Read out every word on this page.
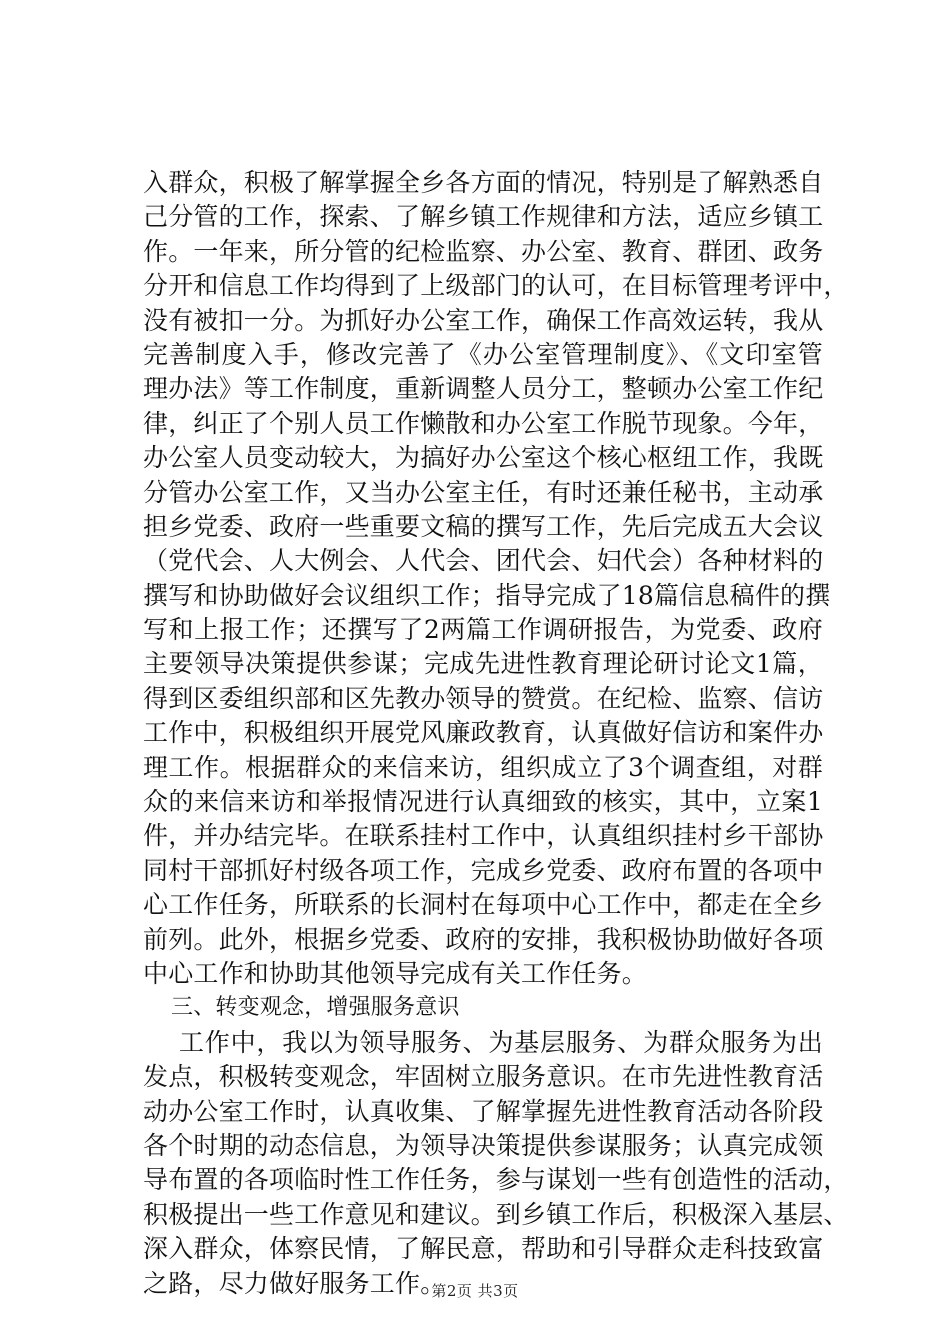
入群众，积极了解掌握全乡各方面的情况，特别是了解熟悉自
己分管的工作，探索、了解乡镇工作规律和方法，适应乡镇工
作。一年来，所分管的纪检监察、办公室、教育、群团、政务
分开和信息工作均得到了上级部门的认可，在目标管理考评中，
没有被扣一分。为抓好办公室工作，确保工作高效运转，我从
完善制度入手，修改完善了《办公室管理制度》、《文印室管
理办法》等工作制度，重新调整人员分工，整顿办公室工作纪
律，纠正了个别人员工作懒散和办公室工作脱节现象。今年，
办公室人员变动较大，为搞好办公室这个核心枢纽工作，我既
分管办公室工作，又当办公室主任，有时还兼任秘书，主动承
担乡党委、政府一些重要文稿的撰写工作，先后完成五大会议
（党代会、人大例会、人代会、团代会、妇代会）各种材料的
撰写和协助做好会议组织工作；指导完成了18篇信息稿件的撰
写和上报工作；还撰写了2两篇工作调研报告，为党委、政府
主要领导决策提供参谋；完成先进性教育理论研讨论文1篇，
得到区委组织部和区先教办领导的赞赏。在纪检、监察、信访
工作中，积极组织开展党风廉政教育，认真做好信访和案件办
理工作。根据群众的来信来访，组织成立了3个调查组，对群
众的来信来访和举报情况进行认真细致的核实，其中，立案1
件，并办结完毕。在联系挂村工作中，认真组织挂村乡干部协
同村干部抓好村级各项工作，完成乡党委、政府布置的各项中
心工作任务，所联系的长洞村在每项中心工作中，都走在全乡
前列。此外，根据乡党委、政府的安排，我积极协助做好各项
中心工作和协助其他领导完成有关工作任务。
三、转变观念，增强服务意识
工作中，我以为领导服务、为基层服务、为群众服务为出
发点，积极转变观念，牢固树立服务意识。在市先进性教育活
动办公室工作时，认真收集、了解掌握先进性教育活动各阶段
各个时期的动态信息，为领导决策提供参谋服务；认真完成领
导布置的各项临时性工作任务，参与谋划一些有创造性的活动，
积极提出一些工作意见和建议。到乡镇工作后，积极深入基层、
深入群众，体察民情，了解民意，帮助和引导群众走科技致富
之路，尽力做好服务工作。
第2页 共3页
